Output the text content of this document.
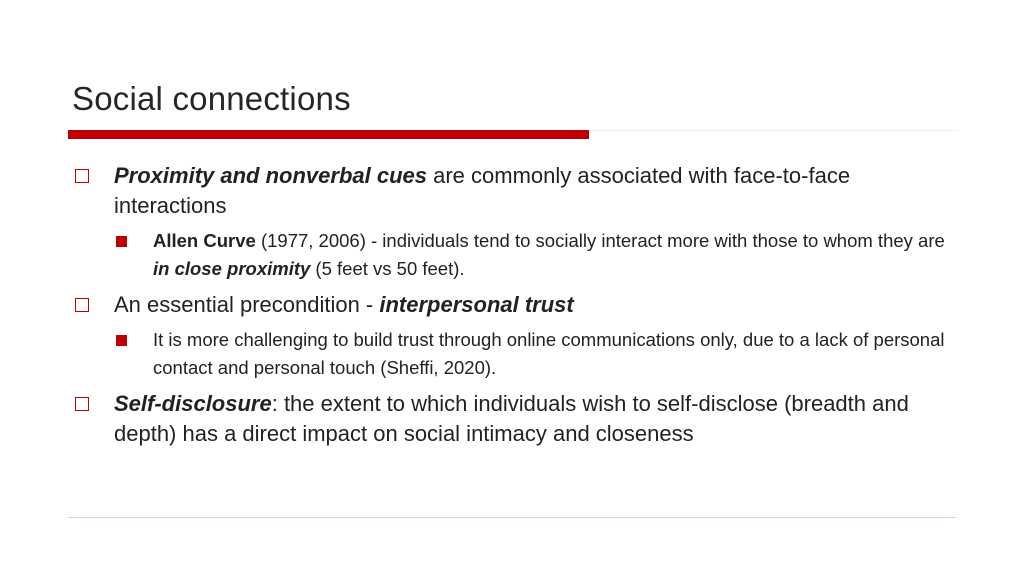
Social connections

Proximity and nonverbal cues are commonly associated with face-to-face interactions

Allen Curve (1977, 2006) - individuals tend to socially interact more with those to whom they are in close proximity (5 feet vs 50 feet).

An essential precondition - interpersonal trust

It is more challenging to build trust through online communications only, due to a lack of personal contact and personal touch (Sheffi, 2020).

Self-disclosure: the extent to which individuals wish to self-disclose (breadth and depth) has a direct impact on social intimacy and closeness
